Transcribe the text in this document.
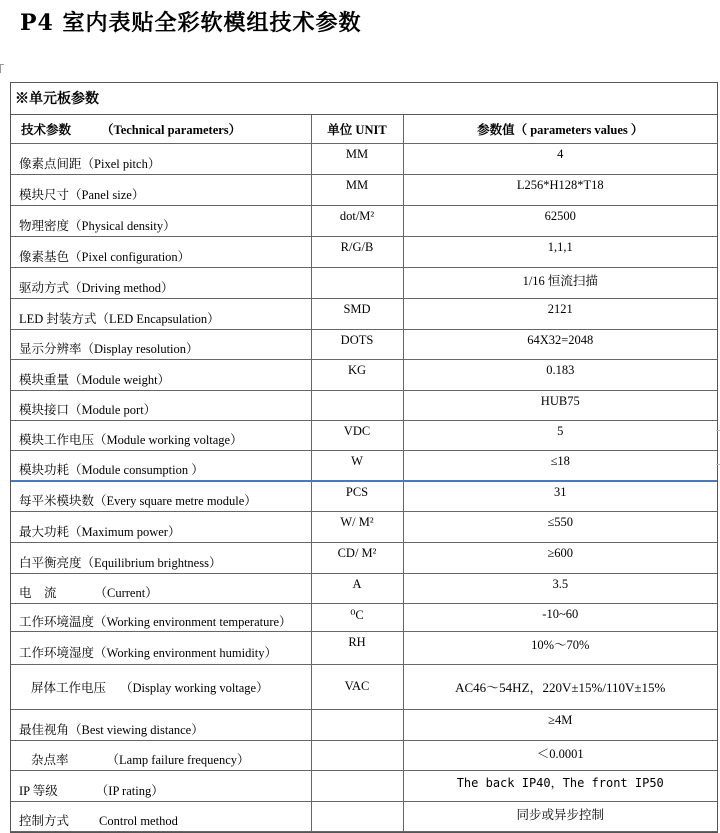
P4 室内表贴全彩软模组技术参数
※单元板参数
技术参数 （Technical parameters）	单位 UNIT	参数值（ parameters values ）
像素点间距（Pixel pitch）	MM	4
模块尺寸（Panel size）	MM	L256*H128*T18
物理密度（Physical density）	dot/M²	62500
像素基色（Pixel configuration）	R/G/B	1,1,1
驱动方式（Driving method）		1/16 恒流扫描
LED 封装方式（LED Encapsulation）	SMD	2121
显示分辨率（Display resolution）	DOTS	64X32=2048
模块重量（Module weight）	KG	0.183
模块接口（Module port）		HUB75
模块工作电压（Module working voltage）	VDC	5
模块功耗（Module consumption ）	W	≤18
每平米模块数（Every square metre module）	PCS	31
最大功耗（Maximum power）	W/ M²	≤550
白平衡亮度（Equilibrium brightness）	CD/ M²	≥600
电　流 （Current）	A	3.5
工作环境温度（Working environment temperature）	⁰C	-10~60
工作环境湿度（Working environment humidity）	RH	10%～70%
屏体工作电压 （Display working voltage）	VAC	AC46～54HZ，220V±15%/110V±15%
最佳视角（Best viewing distance）		≥4M
杂点率 （Lamp failure frequency）		＜0.0001
IP 等级 （IP rating）		The back IP40，The front IP50
控制方式 Control method		同步或异步控制
